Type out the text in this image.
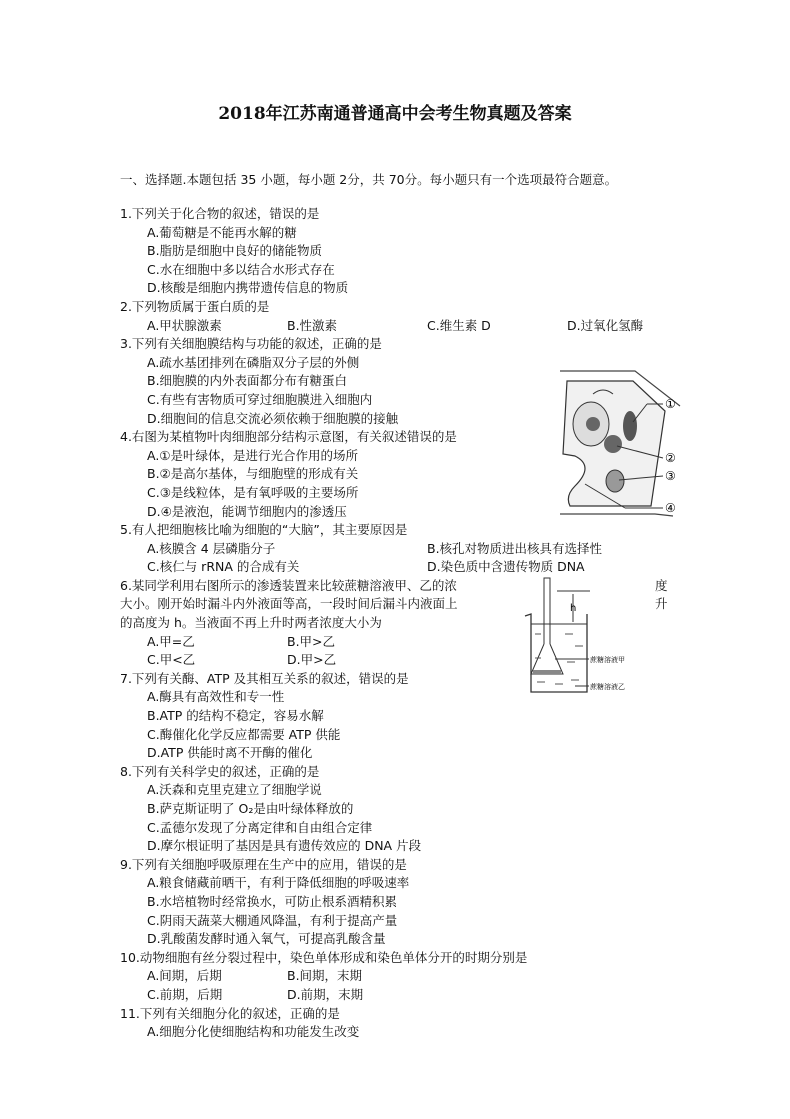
2018年江苏南通普通高中会考生物真题及答案
一、选择题.本题包括 35 小题，每小题 2分，共 70分。每小题只有一个选项最符合题意。
1.下列关于化合物的叙述，错误的是
A.葡萄糖是不能再水解的糖
B.脂肪是细胞中良好的储能物质
C.水在细胞中多以结合水形式存在
D.核酸是细胞内携带遗传信息的物质
2.下列物质属于蛋白质的是
A.甲状腺激素	B.性激素	C.维生素 D	D.过氧化氢酶
3.下列有关细胞膜结构与功能的叙述，正确的是
A.疏水基团排列在磷脂双分子层的外侧
B.细胞膜的内外表面都分布有糖蛋白
C.有些有害物质可穿过细胞膜进入细胞内
D.细胞间的信息交流必须依赖于细胞膜的接触
4.右图为某植物叶肉细胞部分结构示意图，有关叙述错误的是
A.①是叶绿体，是进行光合作用的场所
B.②是高尔基体，与细胞壁的形成有关
C.③是线粒体，是有氧呼吸的主要场所
D.④是液泡，能调节细胞内的渗透压
5.有人把细胞核比喻为细胞的“大脑”，其主要原因是
A.核膜含 4 层磷脂分子	B.核孔对物质进出核具有选择性
C.核仁与 rRNA 的合成有关	D.染色质中含遗传物质 DNA
6.某同学利用右图所示的渗透装置来比较蔗糖溶液甲、乙的浓	度
大小。刚开始时漏斗内外液面等高，一段时间后漏斗内液面上	升
的高度为 h。当液面不再上升时两者浓度大小为
A.甲=乙	B.甲>乙
C.甲<乙	D.甲>乙
7.下列有关酶、ATP 及其相互关系的叙述，错误的是
A.酶具有高效性和专一性
B.ATP 的结构不稳定，容易水解
C.酶催化化学反应都需要 ATP 供能
D.ATP 供能时离不开酶的催化
8.下列有关科学史的叙述，正确的是
A.沃森和克里克建立了细胞学说
B.萨克斯证明了 O₂是由叶绿体释放的
C.孟德尔发现了分离定律和自由组合定律
D.摩尔根证明了基因是具有遗传效应的 DNA 片段
9.下列有关细胞呼吸原理在生产中的应用，错误的是
A.粮食储藏前晒干，有利于降低细胞的呼吸速率
B.水培植物时经常换水，可防止根系酒精积累
C.阴雨天蔬菜大棚通风降温，有利于提高产量
D.乳酸菌发酵时通入氧气，可提高乳酸含量
10.动物细胞有丝分裂过程中，染色单体形成和染色单体分开的时期分别是
A.间期，后期	B.间期，末期
C.前期，后期	D.前期，末期
11.下列有关细胞分化的叙述，正确的是
A.细胞分化使细胞结构和功能发生改变
①
②
③
④
h
蔗糖溶液甲
蔗糖溶液乙
